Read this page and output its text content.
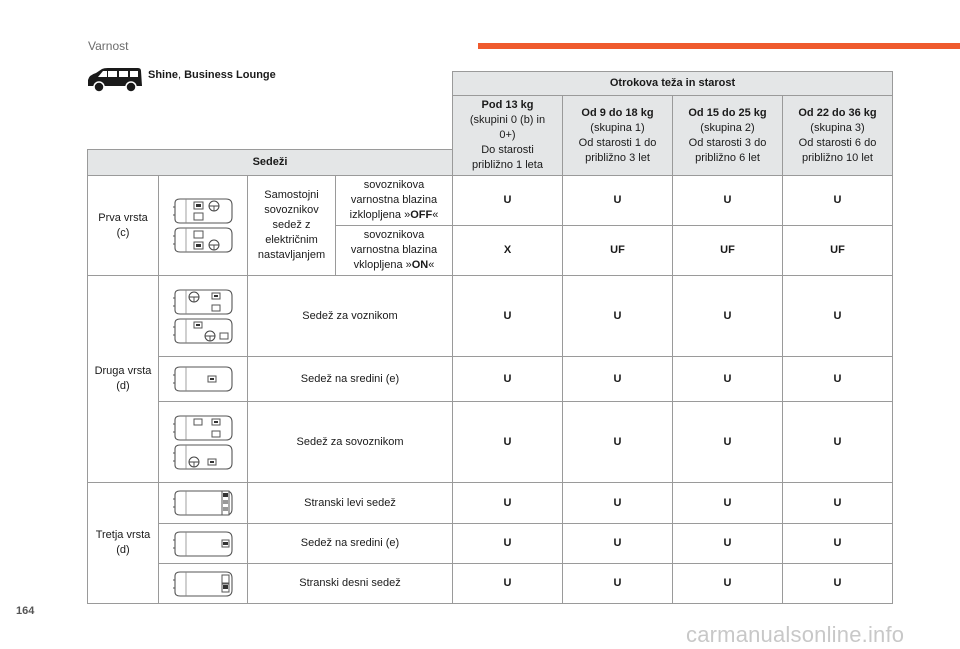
Varnost
Shine, Business Lounge
				Otrokova teža in starost			
				Pod 13 kg
(skupini 0 (b) in
0+)
Do starosti
približno 1 leta	Od 9 do 18 kg
(skupina 1)
Od starosti 1 do
približno 3 let	Od 15 do 25 kg
(skupina 2)
Od starosti 3 do
približno 6 let	Od 22 do 36 kg
(skupina 3)
Od starosti 6 do
približno 10 let
Sedeži							
Prva vrsta (c)		Samostojni sovoznikov sedež z električnim nastavljanjem	sovoznikova varnostna blazina izklopljena »OFF«	U	U	U	U
			sovoznikova varnostna blazina vklopljena »ON«	X	UF	UF	UF
Druga vrsta (d)		Sedež za voznikom		U	U	U	U

	Sedež na sredini (e)		U	U	U	U

	Sedež za sovoznikom		U	U	U	U
Tretja vrsta (d)		Stranski levi sedež		U	U	U	U

	Sedež na sredini (e)		U	U	U	U

	Stranski desni sedež		U	U	U	U
164
carmanualsonline.info
